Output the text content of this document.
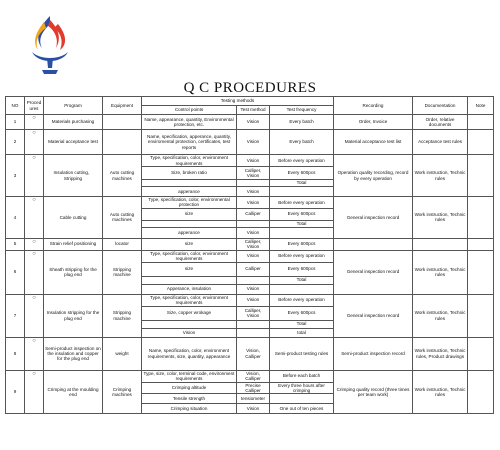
Q C PROCEDURES
NO	Proced ures	Program	Equipment	Testing methods			Recording	Documentation	Note
				Control points	Test method	Test frequency			
1	○	Materials purchasing		Name, appearance, quantity, Environmental protection, etc.	Vision	Every batch	Order, Invoice	Order, relative documents	
2	○	Material acceptance test		Name, specification, apperance, quantity, enviromental protection, certificates, test reports	Vision	Every batch	Material acceptance test list	Acceptance test rules	
3	○	Insulation cutting、Stripping	Auto cutting machines	Type, specification, color, environment requirements	Vision	Before every operation	Operation quality recording, record by every operation	Work instruction, Technic rules	
				Size, broken ratio	Calliper, Vision	Every 600pcs			
						Total			
				apperance	Vision				
4	○	Cable cutting	Auto cutting machines	Type, specification, color, environmental protection	Vision	Before every operation	General inspection record	Work instruction, Technic rules	
				size	Calliper	Every 600pcs			
						Total			
				apperance	Vision				
5	○	Strain relief positioning	locator	size	Calliper, Vision	Every 600pcs			
6	○	Sheath stripping for the plug end	Stripping machine	Type, specification, color, environment requirements	Vision	Before every operation	General inspection record	Work instruction, Technic rules	
				size	Calliper	Every 600pcs			
						Total			
				Apperance, insulation	Vision				
7	○	Insulation stripping for the plug end	Stripping machine	Type, specification, color, environment requirements	Vision	Before every operation	General inspection record	Work instruction, Technic rules	
				Size, copper wrokage	Calliper, Vision	Every 600pcs			
						Total			
				Vision		total			
8	○	Semi-product inspection on the insulation and copper for the plug end	weight	Name, specification, color, environment requirements, size, quantity, appearance	Vision, Calliper	Semi-product testing rules	Semi-product inspection record	Work instruction, Technic rules, Product drawings	
9	○	Crimping at the moulding end	Crimping machines	Type, size, color, terminal code, environment requirements	Vision, Calliper	Before each batch	Crimping quality record (three times per team work)	Work instruction, Technic rules	
				Crimping altitude	Precise Calliper	Every three hours after crimping			
				Tensile strength	tensiometer				
				Crimping situation	Vision	One out of ten pieces			
